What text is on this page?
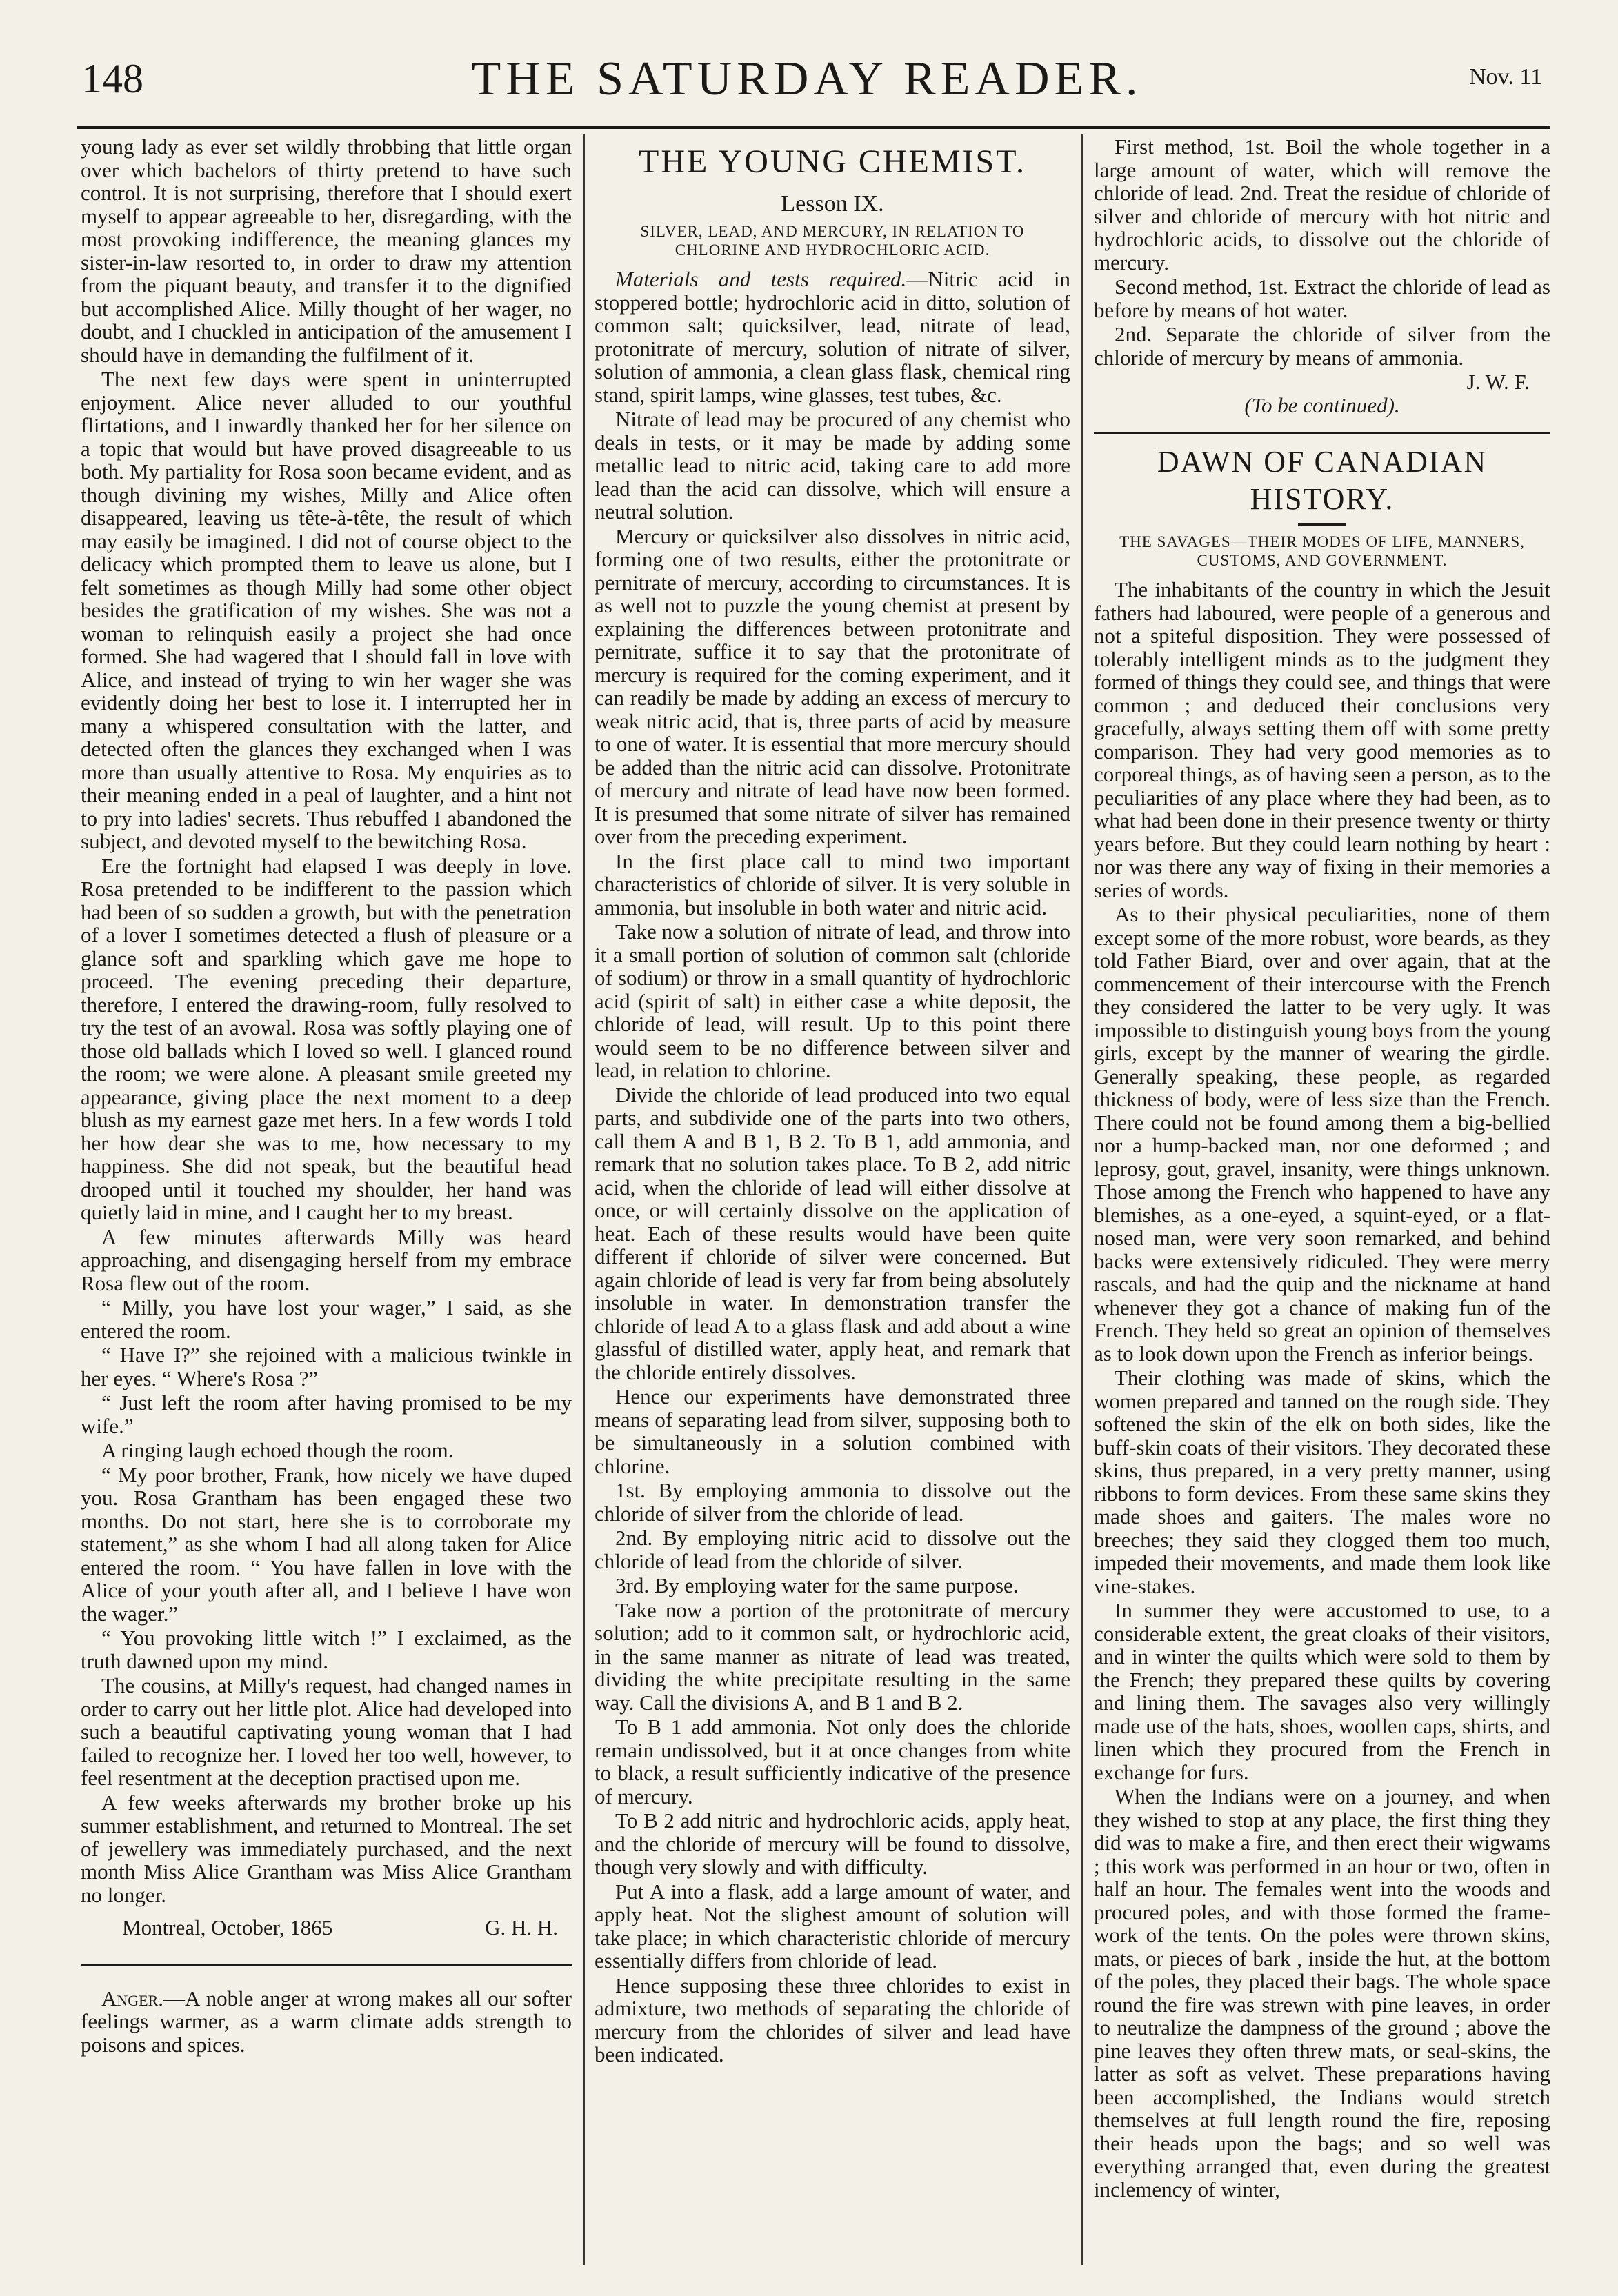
148	THE SATURDAY READER.	Nov. 11

young lady as ever set wildly throbbing that little organ over which bachelors of thirty pretend to have such control. It is not surprising, therefore that I should exert myself to appear agreeable to her, disregarding, with the most provoking indifference, the meaning glances my sister-in-law resorted to, in order to draw my attention from the piquant beauty, and transfer it to the dignified but accomplished Alice. Milly thought of her wager, no doubt, and I chuckled in anticipation of the amusement I should have in demanding the fulfilment of it.

The next few days were spent in uninterrupted enjoyment. Alice never alluded to our youthful flirtations, and I inwardly thanked her for her silence on a topic that would but have proved disagreeable to us both. My partiality for Rosa soon became evident, and as though divining my wishes, Milly and Alice often disappeared, leaving us tête-à-tête, the result of which may easily be imagined. I did not of course object to the delicacy which prompted them to leave us alone, but I felt sometimes as though Milly had some other object besides the gratification of my wishes. She was not a woman to relinquish easily a project she had once formed. She had wagered that I should fall in love with Alice, and instead of trying to win her wager she was evidently doing her best to lose it. I interrupted her in many a whispered consultation with the latter, and detected often the glances they exchanged when I was more than usually attentive to Rosa. My enquiries as to their meaning ended in a peal of laughter, and a hint not to pry into ladies' secrets. Thus rebuffed I abandoned the subject, and devoted myself to the bewitching Rosa.

Ere the fortnight had elapsed I was deeply in love. Rosa pretended to be indifferent to the passion which had been of so sudden a growth, but with the penetration of a lover I sometimes detected a flush of pleasure or a glance soft and sparkling which gave me hope to proceed. The evening preceding their departure, therefore, I entered the drawing-room, fully resolved to try the test of an avowal. Rosa was softly playing one of those old ballads which I loved so well. I glanced round the room; we were alone. A pleasant smile greeted my appearance, giving place the next moment to a deep blush as my earnest gaze met hers. In a few words I told her how dear she was to me, how necessary to my happiness. She did not speak, but the beautiful head drooped until it touched my shoulder, her hand was quietly laid in mine, and I caught her to my breast.

A few minutes afterwards Milly was heard approaching, and disengaging herself from my embrace Rosa flew out of the room.

“ Milly, you have lost your wager,” I said, as she entered the room.

“ Have I?” she rejoined with a malicious twinkle in her eyes. “ Where's Rosa ?”

“ Just left the room after having promised to be my wife.”

A ringing laugh echoed though the room.

“ My poor brother, Frank, how nicely we have duped you. Rosa Grantham has been engaged these two months. Do not start, here she is to corroborate my statement,” as she whom I had all along taken for Alice entered the room. “ You have fallen in love with the Alice of your youth after all, and I believe I have won the wager.”

“ You provoking little witch !” I exclaimed, as the truth dawned upon my mind.

The cousins, at Milly's request, had changed names in order to carry out her little plot. Alice had developed into such a beautiful captivating young woman that I had failed to recognize her. I loved her too well, however, to feel resentment at the deception practised upon me.

A few weeks afterwards my brother broke up his summer establishment, and returned to Montreal. The set of jewellery was immediately purchased, and the next month Miss Alice Grantham was Miss Alice Grantham no longer.

Montreal, October, 1865	G. H. H.

Anger.—A noble anger at wrong makes all our softer feelings warmer, as a warm climate adds strength to poisons and spices.

THE YOUNG CHEMIST.
Lesson IX.
SILVER, LEAD, AND MERCURY, IN RELATION TO CHLORINE AND HYDROCHLORIC ACID.

Materials and tests required.—Nitric acid in stoppered bottle; hydrochloric acid in ditto, solution of common salt; quicksilver, lead, nitrate of lead, protonitrate of mercury, solution of nitrate of silver, solution of ammonia, a clean glass flask, chemical ring stand, spirit lamps, wine glasses, test tubes, &c.

Nitrate of lead may be procured of any chemist who deals in tests, or it may be made by adding some metallic lead to nitric acid, taking care to add more lead than the acid can dissolve, which will ensure a neutral solution.

Mercury or quicksilver also dissolves in nitric acid, forming one of two results, either the protonitrate or pernitrate of mercury, according to circumstances. It is as well not to puzzle the young chemist at present by explaining the differences between protonitrate and pernitrate, suffice it to say that the protonitrate of mercury is required for the coming experiment, and it can readily be made by adding an excess of mercury to weak nitric acid, that is, three parts of acid by measure to one of water. It is essential that more mercury should be added than the nitric acid can dissolve. Protonitrate of mercury and nitrate of lead have now been formed. It is presumed that some nitrate of silver has remained over from the preceding experiment.

In the first place call to mind two important characteristics of chloride of silver. It is very soluble in ammonia, but insoluble in both water and nitric acid.

Take now a solution of nitrate of lead, and throw into it a small portion of solution of common salt (chloride of sodium) or throw in a small quantity of hydrochloric acid (spirit of salt) in either case a white deposit, the chloride of lead, will result. Up to this point there would seem to be no difference between silver and lead, in relation to chlorine.

Divide the chloride of lead produced into two equal parts, and subdivide one of the parts into two others, call them A and B 1, B 2. To B 1, add ammonia, and remark that no solution takes place. To B 2, add nitric acid, when the chloride of lead will either dissolve at once, or will certainly dissolve on the application of heat. Each of these results would have been quite different if chloride of silver were concerned. But again chloride of lead is very far from being absolutely insoluble in water. In demonstration transfer the chloride of lead A to a glass flask and add about a wine glassful of distilled water, apply heat, and remark that the chloride entirely dissolves.

Hence our experiments have demonstrated three means of separating lead from silver, supposing both to be simultaneously in a solution combined with chlorine.

1st. By employing ammonia to dissolve out the chloride of silver from the chloride of lead.

2nd. By employing nitric acid to dissolve out the chloride of lead from the chloride of silver.

3rd. By employing water for the same purpose.

Take now a portion of the protonitrate of mercury solution; add to it common salt, or hydrochloric acid, in the same manner as nitrate of lead was treated, dividing the white precipitate resulting in the same way. Call the divisions A, and B 1 and B 2.

To B 1 add ammonia. Not only does the chloride remain undissolved, but it at once changes from white to black, a result sufficiently indicative of the presence of mercury.

To B 2 add nitric and hydrochloric acids, apply heat, and the chloride of mercury will be found to dissolve, though very slowly and with difficulty.

Put A into a flask, add a large amount of water, and apply heat. Not the slighest amount of solution will take place; in which characteristic chloride of mercury essentially differs from chloride of lead.

Hence supposing these three chlorides to exist in admixture, two methods of separating the chloride of mercury from the chlorides of silver and lead have been indicated.

First method, 1st. Boil the whole together in a large amount of water, which will remove the chloride of lead. 2nd. Treat the residue of chloride of silver and chloride of mercury with hot nitric and hydrochloric acids, to dissolve out the chloride of mercury.

Second method, 1st. Extract the chloride of lead as before by means of hot water.

2nd. Separate the chloride of silver from the chloride of mercury by means of ammonia.

J. W. F.

(To be continued).

DAWN OF CANADIAN HISTORY.
THE SAVAGES—THEIR MODES OF LIFE, MANNERS, CUSTOMS, AND GOVERNMENT.

The inhabitants of the country in which the Jesuit fathers had laboured, were people of a generous and not a spiteful disposition. They were possessed of tolerably intelligent minds as to the judgment they formed of things they could see, and things that were common ; and deduced their conclusions very gracefully, always setting them off with some pretty comparison. They had very good memories as to corporeal things, as of having seen a person, as to the peculiarities of any place where they had been, as to what had been done in their presence twenty or thirty years before. But they could learn nothing by heart : nor was there any way of fixing in their memories a series of words.

As to their physical peculiarities, none of them except some of the more robust, wore beards, as they told Father Biard, over and over again, that at the commencement of their intercourse with the French they considered the latter to be very ugly. It was impossible to distinguish young boys from the young girls, except by the manner of wearing the girdle. Generally speaking, these people, as regarded thickness of body, were of less size than the French. There could not be found among them a big-bellied nor a hump-backed man, nor one deformed ; and leprosy, gout, gravel, insanity, were things unknown. Those among the French who happened to have any blemishes, as a one-eyed, a squint-eyed, or a flat-nosed man, were very soon remarked, and behind backs were extensively ridiculed. They were merry rascals, and had the quip and the nickname at hand whenever they got a chance of making fun of the French. They held so great an opinion of themselves as to look down upon the French as inferior beings.

Their clothing was made of skins, which the women prepared and tanned on the rough side. They softened the skin of the elk on both sides, like the buff-skin coats of their visitors. They decorated these skins, thus prepared, in a very pretty manner, using ribbons to form devices. From these same skins they made shoes and gaiters. The males wore no breeches; they said they clogged them too much, impeded their movements, and made them look like vine-stakes.

In summer they were accustomed to use, to a considerable extent, the great cloaks of their visitors, and in winter the quilts which were sold to them by the French; they prepared these quilts by covering and lining them. The savages also very willingly made use of the hats, shoes, woollen caps, shirts, and linen which they procured from the French in exchange for furs.

When the Indians were on a journey, and when they wished to stop at any place, the first thing they did was to make a fire, and then erect their wigwams ; this work was performed in an hour or two, often in half an hour. The females went into the woods and procured poles, and with those formed the frame-work of the tents. On the poles were thrown skins, mats, or pieces of bark , inside the hut, at the bottom of the poles, they placed their bags. The whole space round the fire was strewn with pine leaves, in order to neutralize the dampness of the ground ; above the pine leaves they often threw mats, or seal-skins, the latter as soft as velvet. These preparations having been accomplished, the Indians would stretch themselves at full length round the fire, reposing their heads upon the bags; and so well was everything arranged that, even during the greatest inclemency of winter,
